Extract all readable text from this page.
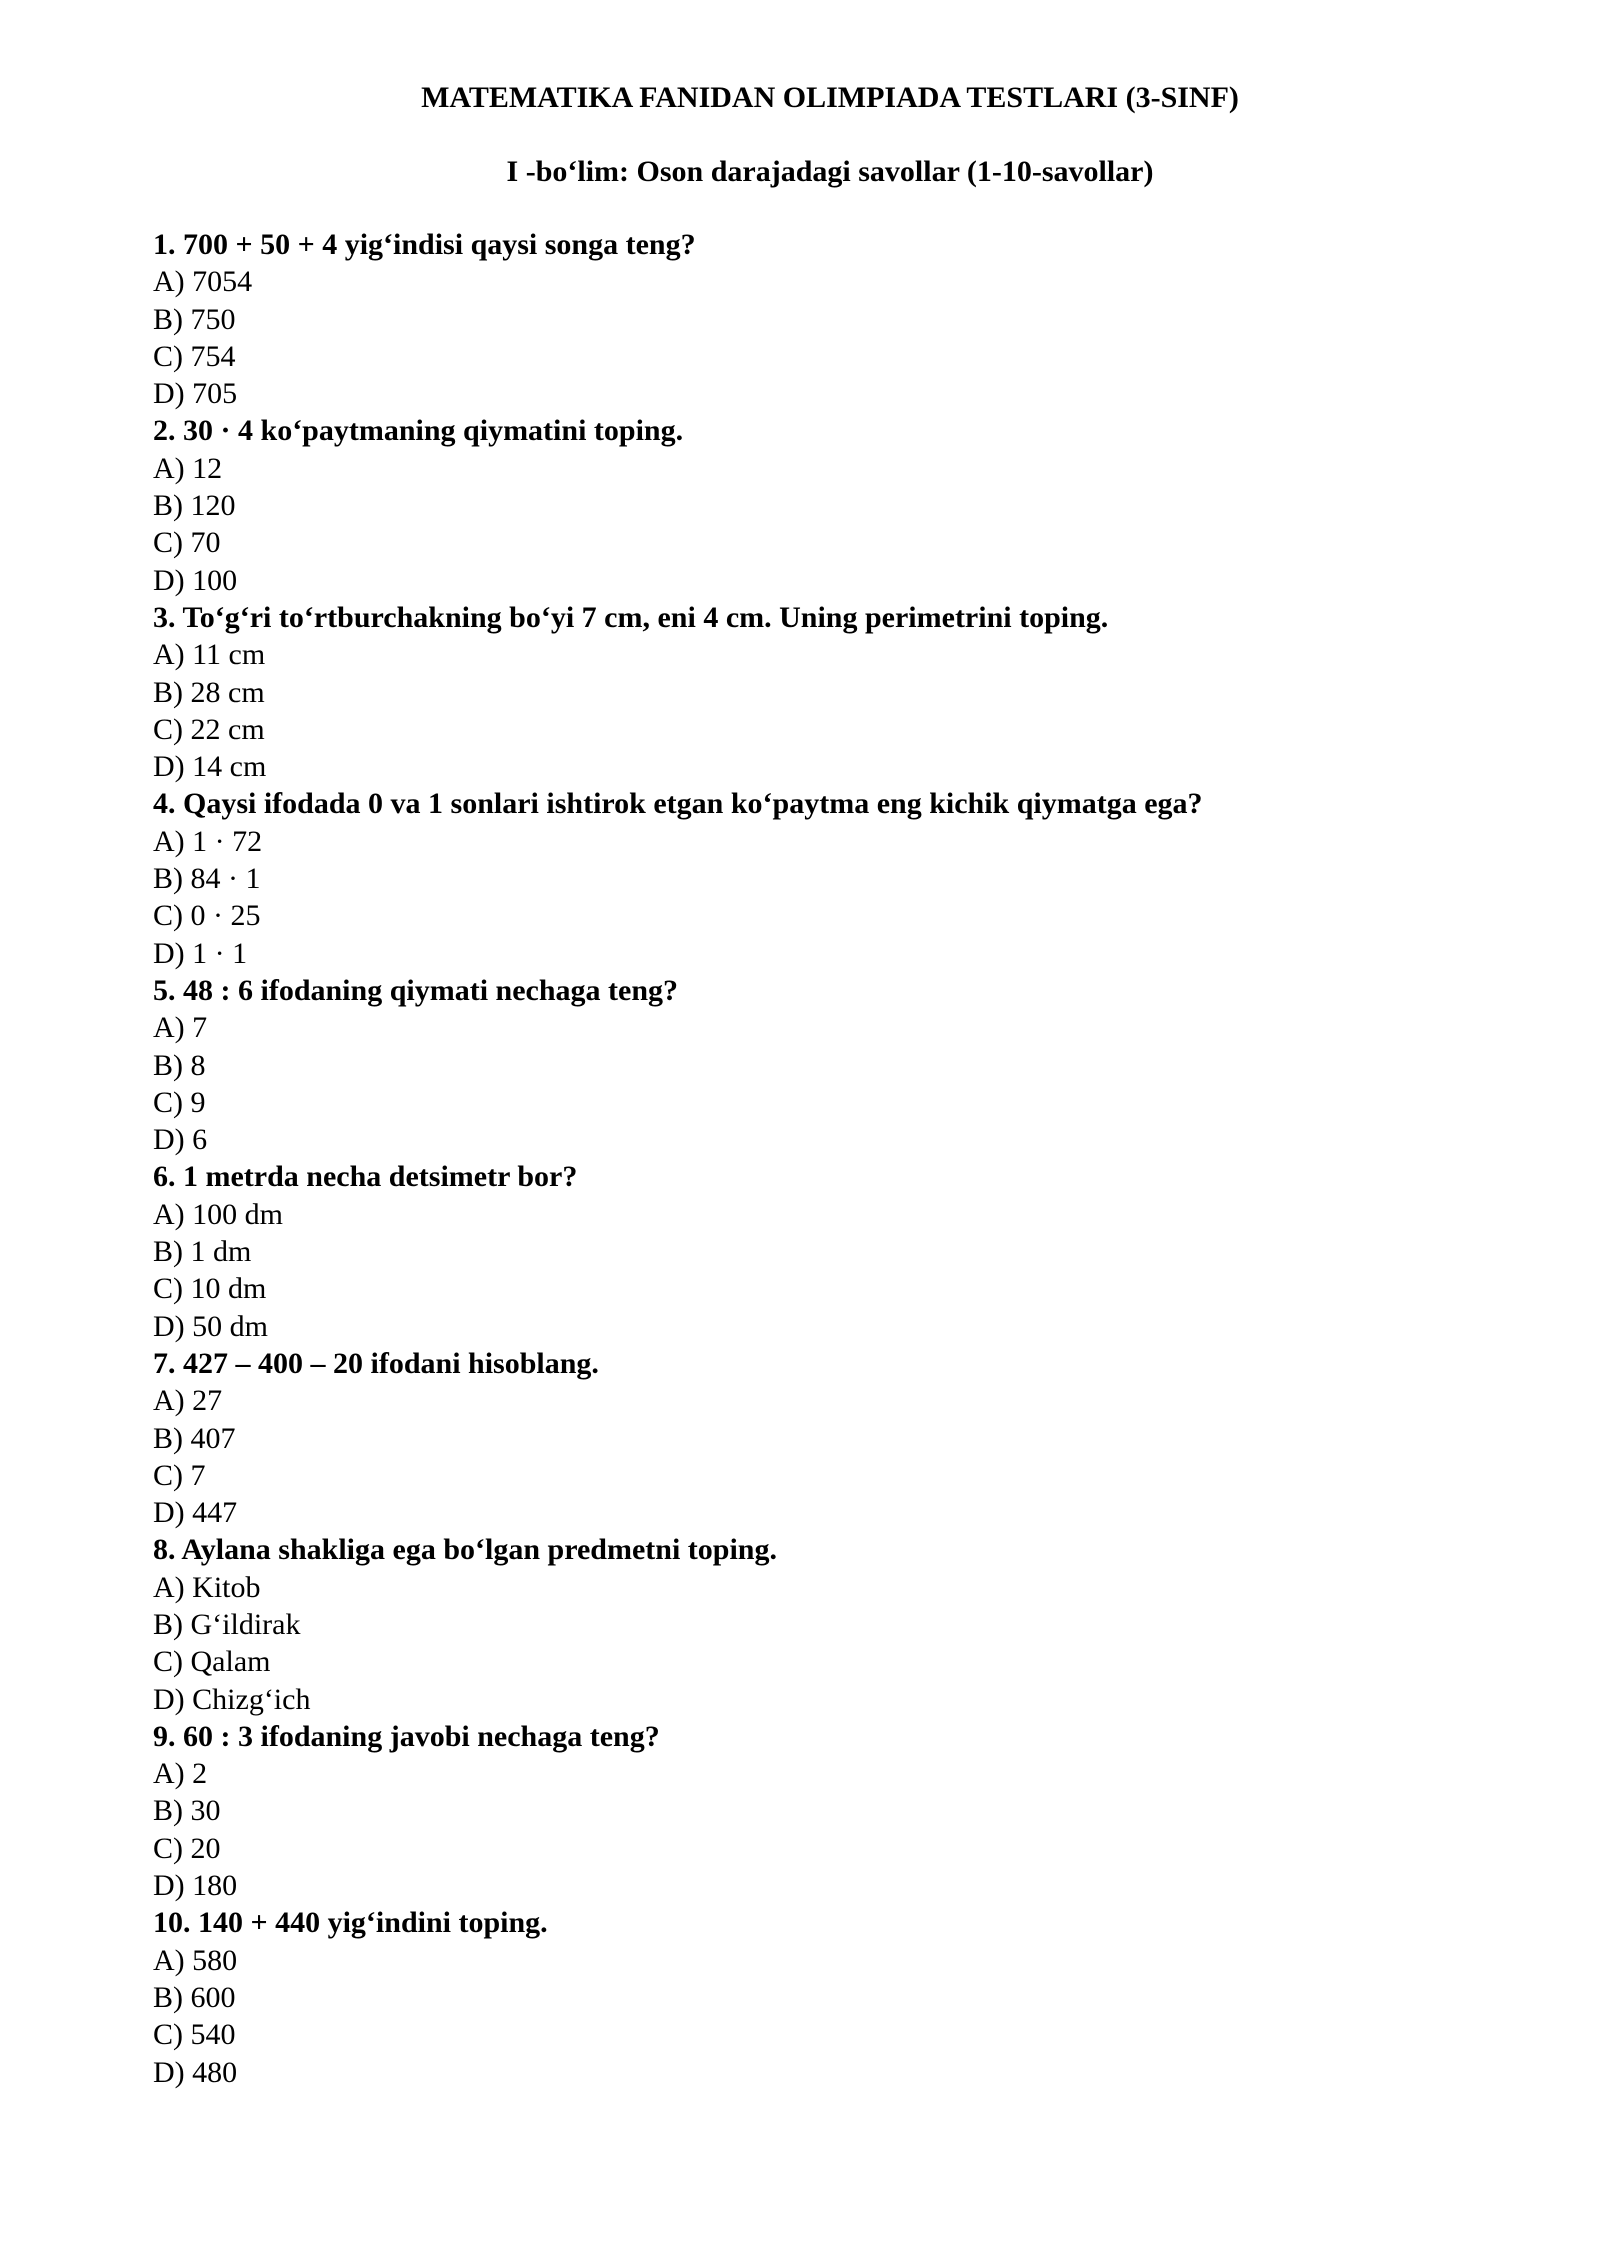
MATEMATIKA FANIDAN OLIMPIADA TESTLARI (3-SINF)
I -bo‘lim: Oson darajadagi savollar (1-10-savollar)
1. 700 + 50 + 4 yig‘indisi qaysi songa teng?
A) 7054
B) 750
C) 754
D) 705
2. 30 · 4 ko‘paytmaning qiymatini toping.
A) 12
B) 120
C) 70
D) 100
3. To‘g‘ri to‘rtburchakning bo‘yi 7 cm, eni 4 cm. Uning perimetrini toping.
A) 11 cm
B) 28 cm
C) 22 cm
D) 14 cm
4. Qaysi ifodada 0 va 1 sonlari ishtirok etgan ko‘paytma eng kichik qiymatga ega?
A) 1 · 72
B) 84 · 1
C) 0 · 25
D) 1 · 1
5. 48 : 6 ifodaning qiymati nechaga teng?
A) 7
B) 8
C) 9
D) 6
6. 1 metrda necha detsimetr bor?
A) 100 dm
B) 1 dm
C) 10 dm
D) 50 dm
7. 427 – 400 – 20 ifodani hisoblang.
A) 27
B) 407
C) 7
D) 447
8. Aylana shakliga ega bo‘lgan predmetni toping.
A) Kitob
B) G‘ildirak
C) Qalam
D) Chizg‘ich
9. 60 : 3 ifodaning javobi nechaga teng?
A) 2
B) 30
C) 20
D) 180
10. 140 + 440 yig‘indini toping.
A) 580
B) 600
C) 540
D) 480
